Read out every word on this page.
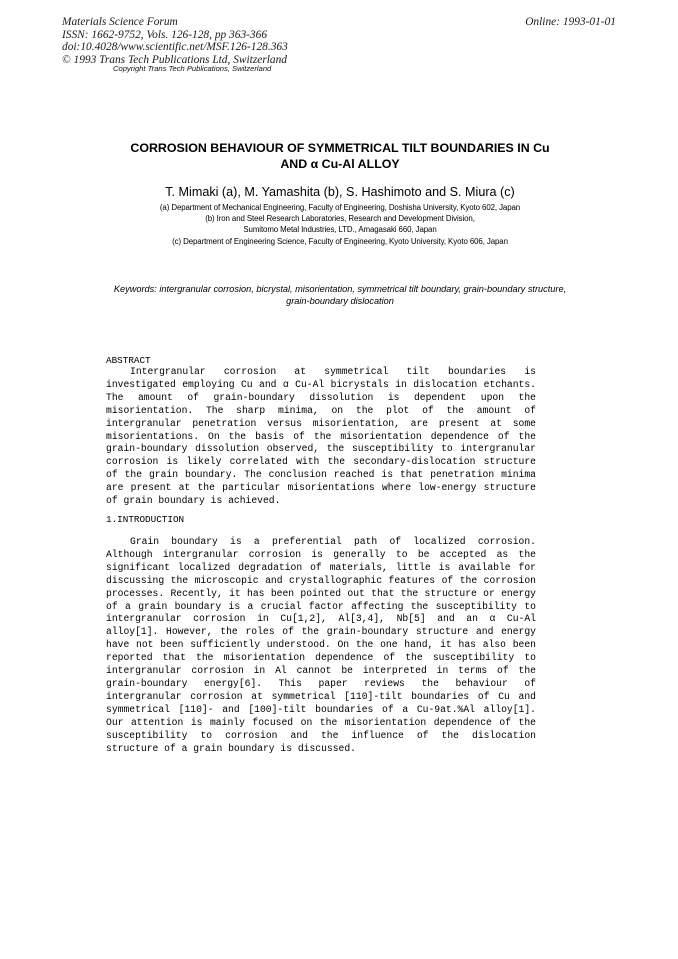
Materials Science Forum
ISSN: 1662-9752, Vols. 126-128, pp 363-366
doi:10.4028/www.scientific.net/MSF.126-128.363
© 1993 Trans Tech Publications Ltd, Switzerland
Online: 1993-01-01
Copyright Trans Tech Publications, Switzerland
CORROSION BEHAVIOUR OF SYMMETRICAL TILT BOUNDARIES IN Cu
AND α Cu-Al ALLOY
T. Mimaki (a), M. Yamashita (b), S. Hashimoto and S. Miura (c)
(a) Department of Mechanical Engineering, Faculty of Engineering, Doshisha University, Kyoto 602, Japan
(b) Iron and Steel Research Laboratories, Research and Development Division,
Sumitomo Metal Industries, LTD., Amagasaki 660, Japan
(c) Department of Engineering Science, Faculty of Engineering, Kyoto University, Kyoto 606, Japan
Keywords: intergranular corrosion, bicrystal, misorientation, symmetrical tilt boundary, grain-boundary structure, grain-boundary dislocation
ABSTRACT

Intergranular corrosion at symmetrical tilt boundaries is investigated employing Cu and α Cu-Al bicrystals in dislocation etchants. The amount of grain-boundary dissolution is dependent upon the misorientation. The sharp minima, on the plot of the amount of intergranular penetration versus misorientation, are present at some misorientations. On the basis of the misorientation dependence of the grain-boundary dissolution observed, the susceptibility to intergranular corrosion is likely correlated with the secondary-dislocation structure of the grain boundary. The conclusion reached is that penetration minima are present at the particular misorientations where low-energy structure of grain boundary is achieved.

1.INTRODUCTION

Grain boundary is a preferential path of localized corrosion. Although intergranular corrosion is generally to be accepted as the significant localized degradation of materials, little is available for discussing the microscopic and crystallographic features of the corrosion processes. Recently, it has been pointed out that the structure or energy of a grain boundary is a crucial factor affecting the susceptibility to intergranular corrosion in Cu[1,2], Al[3,4], Nb[5] and an α Cu-Al alloy[1]. However, the roles of the grain-boundary structure and energy have not been sufficiently understood. On the one hand, it has also been reported that the misorientation dependence of the susceptibility to intergranular corrosion in Al cannot be interpreted in terms of the grain-boundary energy[6]. This paper reviews the behaviour of intergranular corrosion at symmetrical [110]-tilt boundaries of Cu and symmetrical [110]- and [100]-tilt boundaries of a Cu-9at.%Al alloy[1]. Our attention is mainly focused on the misorientation dependence of the susceptibility to corrosion and the influence of the dislocation structure of a grain boundary is discussed.
